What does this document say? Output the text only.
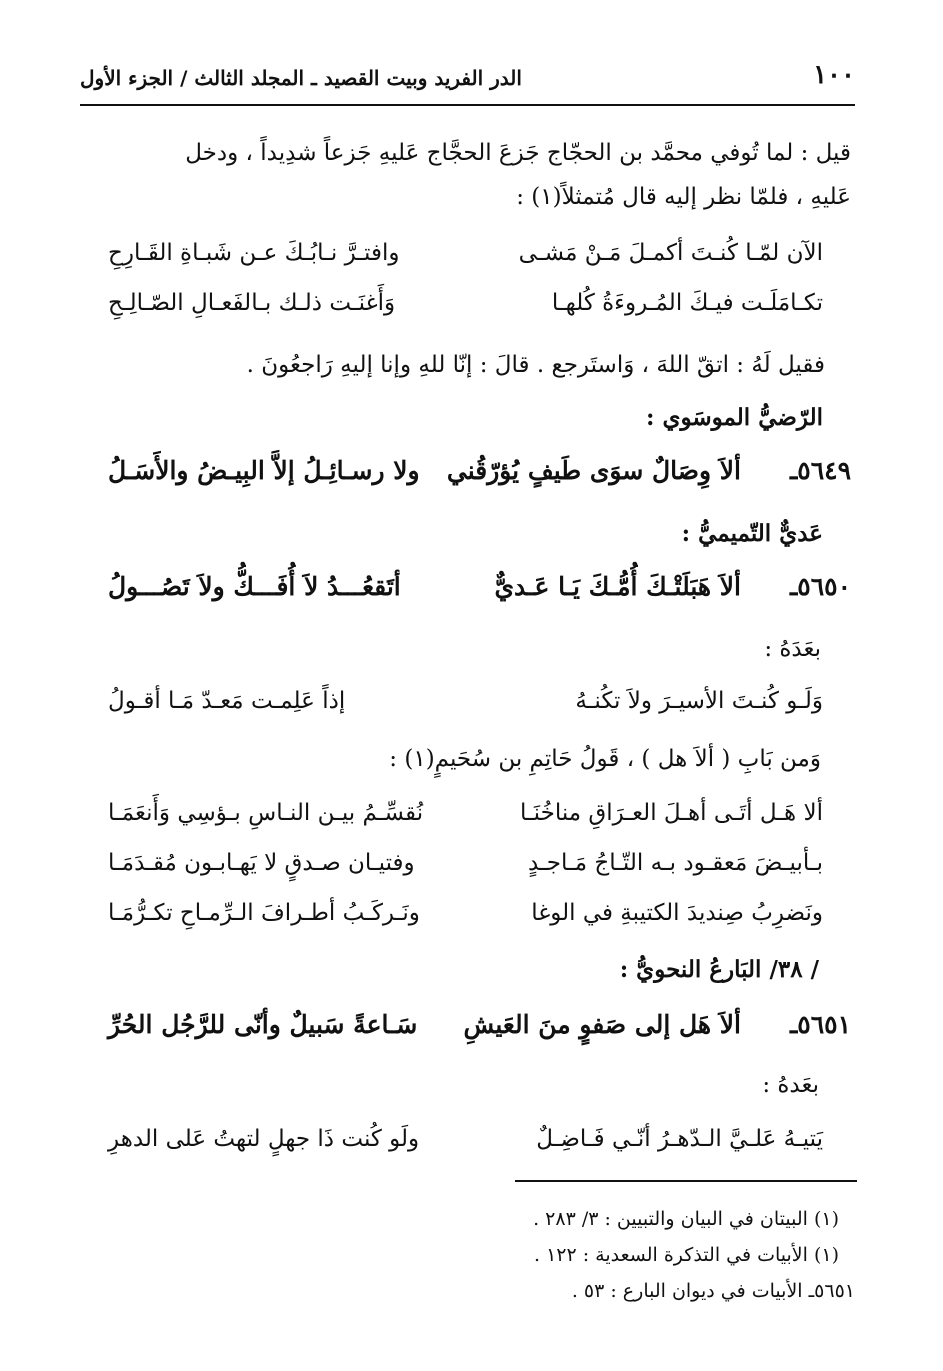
١٠٠
الدر الفريد وبيت القصيد ـ المجلد الثالث / الجزء الأول
قيل : لما تُوفي محمَّد بن الحجّاج جَزعَ الحجَّاج عَليهِ جَزعاً شدِيداً ، ودخل
عَليهِ ، فلمّا نظر إليه قال مُتمثلاً(١) :
الآن لمّـا كُنـتَ أكمـلَ مَـنْ مَشـى
وافتـرَّ نـابُـكَ عـن شَبـاةِ القَـارِحِ
تكـامَلَـت فيـكَ المُـروءَةُ كُلهـا
وَأَغنَـت ذلـك بـالفَعـالِ الصّـالِـحِ
فقيل لَهُ : اتقّ اللهَ ، وَاستَرجع . قالَ : إنّا للهِ وإنا إليهِ رَاجعُونَ .
الرّضيُّ الموسَوي :
٥٦٤٩ـ
ألاَ وِصَالٌ سوَى طَيفٍ يُؤرّقُني
ولا رسـائِـلُ إلاَّ البِيـضُ والأَسَـلُ
عَديٌّ التّميميُّ :
٥٦٥٠ـ
ألاَ هَبَلَتْـكَ أُمُّـكَ يَـا عَـديٌّ
أتَقعُـــدُ لاَ أُفَـــكُّ ولاَ تَصُـــولُ
بعَدَهُ :
وَلَـو كُنـتَ الأسيـرَ ولاَ تكُنـهُ
إذاً عَلِمـت مَعـدّ مَـا أقـولُ
وَمن بَابِ ( ألاَ هل ) ، قَولُ حَاتِمِ بن سُحَيمٍ(١) :
ألا هَـل أتَـى أهـلَ العـرَاقِ مناخُنَـا
نُقسِّـمُ بيـن النـاسِ بـؤسِي وَأَنعَمَـا
بـأبيـضَ مَعقـود بـه التّـاجُ مَـاجـدٍ
وفتيـان صـدقٍ لا يَهـابـون مُقـدَمَـا
ونَضرِبُ صِنديدَ الكتيبةِ في الوغا
ونَـركَـبُ أطـرافَ الـرِّمـاحِ تكـرُّمَـا
/ ٣٨/ البَارعُ النحويُّ :
٥٦٥١ـ
ألاَ هَل إلى صَفوٍ منَ العَيشِ
سَـاعةً سَبيلٌ وأنّى للرَّجُل الحُرِّ
بعَدهُ :
يَتيـهُ عَلـيَّ الـدّهـرُ أنّـي فَـاضِـلٌ
ولَو كُنت ذَا جهلٍ لتهتُ عَلى الدهرِ
(١) البيتان في البيان والتبيين : ٣/ ٢٨٣ .
(١) الأبيات في التذكرة السعدية : ١٢٢ .
٥٦٥١ـ الأبيات في ديوان البارع : ٥٣ .
